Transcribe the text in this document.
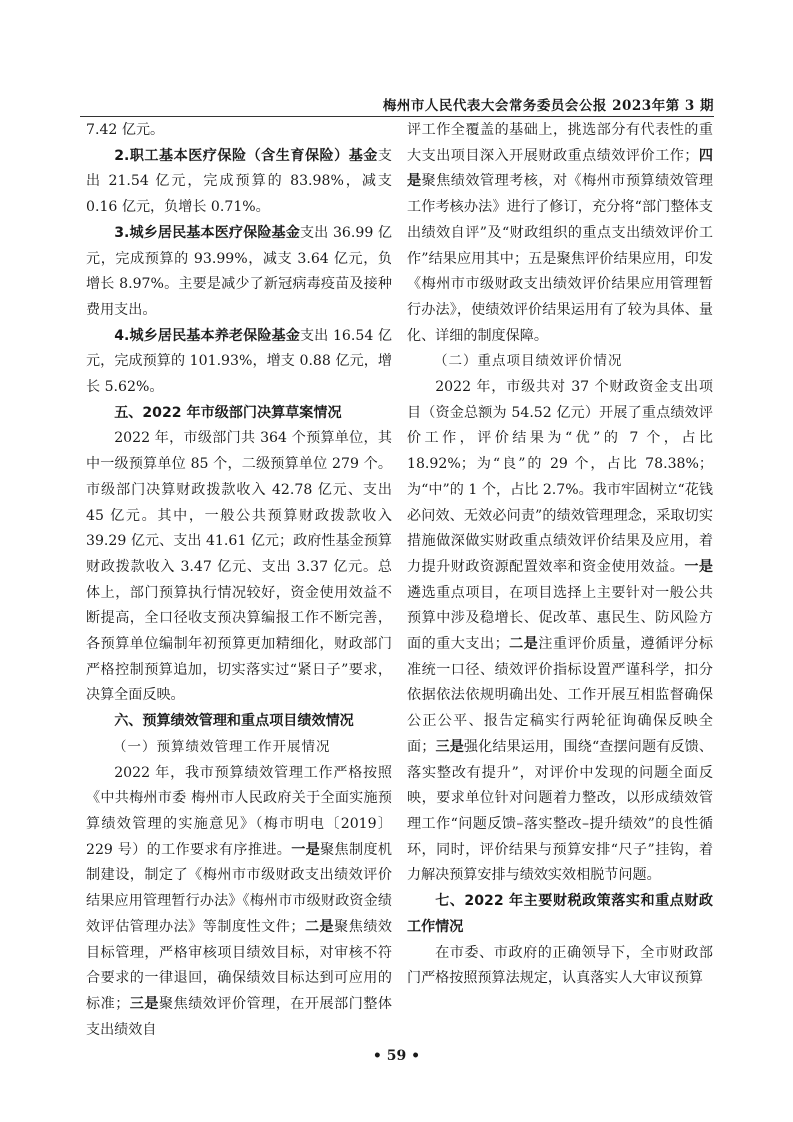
梅州市人民代表大会常务委员会公报 2023年第 3 期

7.42 亿元。

2.职工基本医疗保险（含生育保险）基金支出 21.54 亿元，完成预算的 83.98%，减支 0.16 亿元，负增长 0.71%。

3.城乡居民基本医疗保险基金支出 36.99 亿元，完成预算的 93.99%，减支 3.64 亿元，负增长 8.97%。主要是减少了新冠病毒疫苗及接种费用支出。

4.城乡居民基本养老保险基金支出 16.54 亿元，完成预算的 101.93%，增支 0.88 亿元，增长 5.62%。

五、2022 年市级部门决算草案情况

2022 年，市级部门共 364 个预算单位，其中一级预算单位 85 个，二级预算单位 279 个。市级部门决算财政拨款收入 42.78 亿元、支出 45 亿元。其中，一般公共预算财政拨款收入 39.29 亿元、支出 41.61 亿元；政府性基金预算财政拨款收入 3.47 亿元、支出 3.37 亿元。总体上，部门预算执行情况较好，资金使用效益不断提高，全口径收支预决算编报工作不断完善，各预算单位编制年初预算更加精细化，财政部门严格控制预算追加，切实落实过“紧日子”要求，决算全面反映。

六、预算绩效管理和重点项目绩效情况

（一）预算绩效管理工作开展情况

2022 年，我市预算绩效管理工作严格按照《中共梅州市委 梅州市人民政府关于全面实施预算绩效管理的实施意见》（梅市明电〔2019〕229 号）的工作要求有序推进。一是聚焦制度机制建设，制定了《梅州市市级财政支出绩效评价结果应用管理暂行办法》《梅州市市级财政资金绩效评估管理办法》等制度性文件；二是聚焦绩效目标管理，严格审核项目绩效目标，对审核不符合要求的一律退回，确保绩效目标达到可应用的标准；三是聚焦绩效评价管理，在开展部门整体支出绩效自

评工作全覆盖的基础上，挑选部分有代表性的重大支出项目深入开展财政重点绩效评价工作；四是聚焦绩效管理考核，对《梅州市预算绩效管理工作考核办法》进行了修订，充分将“部门整体支出绩效自评”及“财政组织的重点支出绩效评价工作”结果应用其中；五是聚焦评价结果应用，印发《梅州市市级财政支出绩效评价结果应用管理暂行办法》，使绩效评价结果运用有了较为具体、量化、详细的制度保障。

（二）重点项目绩效评价情况

2022 年，市级共对 37 个财政资金支出项目（资金总额为 54.52 亿元）开展了重点绩效评价工作，评价结果为“优”的 7 个，占比 18.92%；为“良”的 29 个，占比 78.38%；为“中”的 1 个，占比 2.7%。我市牢固树立“花钱必问效、无效必问责”的绩效管理理念，采取切实措施做深做实财政重点绩效评价结果及应用，着力提升财政资源配置效率和资金使用效益。一是遴选重点项目，在项目选择上主要针对一般公共预算中涉及稳增长、促改革、惠民生、防风险方面的重大支出；二是注重评价质量，遵循评分标准统一口径、绩效评价指标设置严谨科学，扣分依据依法依规明确出处、工作开展互相监督确保公正公平、报告定稿实行两轮征询确保反映全面；三是强化结果运用，围绕“查摆问题有反馈、落实整改有提升”，对评价中发现的问题全面反映，要求单位针对问题着力整改，以形成绩效管理工作“问题反馈–落实整改–提升绩效”的良性循环，同时，评价结果与预算安排“尺子”挂钩，着力解决预算安排与绩效实效相脱节问题。

七、2022 年主要财税政策落实和重点财政工作情况

在市委、市政府的正确领导下，全市财政部门严格按照预算法规定，认真落实人大审议预算

• 59 •
